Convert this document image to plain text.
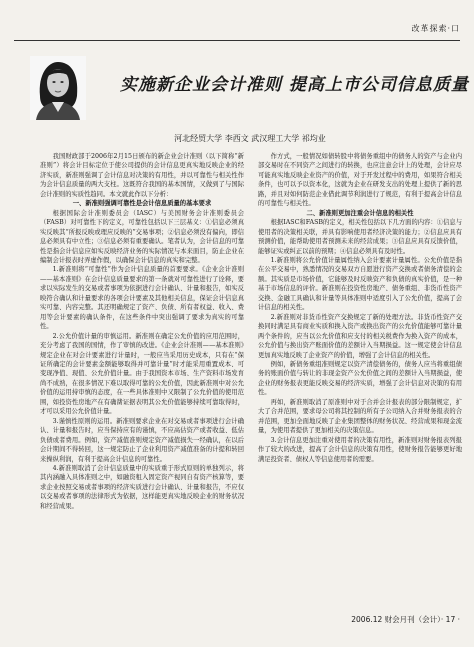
改革探索·口
实施新企业会计准则 提高上市公司信息质量
河北经贸大学 李西文 武汉理工大学 祁均业

我国财政部于2006年2月15日颁布的新企业会计准则（以下简称“新准则”）将会计目标定位于使公司提供的会计信息更真实地反映企业的经济实质，新准则强调了会计信息对决策的有用性，并以可靠性与相关性作为会计信息质量的两大支柱。这既符合我国的基本国情，又做到了与国际会计准则的实质性趋同。本文就此作以下分析：

一、新准则强调可靠性是会计信息质量的基本要求

根据国际会计准则委员会（IASC）与美国财务会计准则委员会（FASB）对可靠性下的定义，可靠性包括以下三层基义：①信息必须真实反映其“所报反映或理应反映的”交易事项；②信息必须没有偏向，即信息必须具有中立性；③信息必须有重要确认。笔者认为，会计信息的可靠性是指会计信息应如实反映经济业务的实际情况与本来面目，防止企业在编制会计报表时弄虚作假，以确保会计信息的真实和完整。

1.新准则将“可靠性”作为会计信息质量的首要要求。《企业会计准则——基本准则》在会计信息质量要求的第一条就对可靠性进行了诠释，要求以实际发生的交易或者事项为依据进行会计确认、计量和报告，如实反映符合确认和计量要求的各项会计要素及其他相关信息，保证会计信息真实可靠、内容完整。其还明确规定了资产、负债、所有者权益、收入、费用等会计要素的确认条件，在这些条件中突出强调了要求为真实的可靠性。

2.公允价值计量的审慎运用。新准则在确定公允价值的应用范围时，充分考虑了我国的国情，作了审慎的改进。《企业会计准则——基本准则》规定企业在对会计要素进行计量时，一般应当采用历史成本，只有在“保证所确定的会计要素金额能够取得并可靠计量”时才能采用重置成本、可变现净值、现值、公允价值计量。由于我国资本市场、生产资料市场发育尚不成熟，在很多情况下难以取得可靠的公允价值，因此新准则中对公允价值的运用持审慎的态度，在一些具体准则中又限制了公允价值的使用范围，如投资性房地产在有确凿证据表明其公允价值能够持续可靠取得时，才可以采用公允价值计量。

3.谨慎性原则的运用。新准则要求企业在对交易或者事项进行会计确认、计量和报告时，应当保持应有的谨慎，不应高估资产或者收益、低估负债或者费用。例如，资产减值准则规定资产减值损失一经确认，在以后会计期间不得转回，这一规定防止了企业利用资产减值准备的计提和转回来操纵利润，有利于提高会计信息的可靠性。

4.新准则取消了会计信息质量中的实质重于形式原则的单独列示，将其内涵融入具体准则之中，如融资租入固定资产视同自有资产核算等，要求企业按照交易或者事项的经济实质进行会计确认、计量和报告，不应仅以交易或者事项的法律形式为依据，这样能更真实地反映企业的财务状况和经营成果。

作方式，一般情况如债转股中将债务重组中的债务人的资产与企业内部交易时在不同资产之间进行的转换，也应注意会计上的处理，会计应尽可能真实地反映企业资产的价值，对于开发过程中的费用，如果符合相关条件，也可以予以资本化，这就为企业在研发支出的处理上提供了新的思路，并且对如何防范企业借此调节利润进行了规范，有利于提高会计信息的可靠性与相关性。

二、新准则更加注重会计信息的相关性

根据IASC和FASB的定义，相关性包括以下几方面的内容：①信息与使用者的决策相关联，并具有影响使用者经济决策的能力；②信息应具有预测价值，能帮助使用者预测未来的经营成果；③信息应具有反馈价值，能够证实或纠正以前的预期；④信息必须具有及时性。

1.新准则将公允价值计量属性纳入会计要素计量属性。公允价值是指在公平交易中，熟悉情况的交易双方自愿进行资产交换或者债务清偿的金额。其实质是市场价值，它能够及时反映资产和负债的真实价值，是一种基于市场信息的评价。新准则在投资性房地产、债务重组、非货币性资产交换、金融工具确认和计量等具体准则中适度引入了公允价值，提高了会计信息的相关性。

2.新准则对非货币性资产交换规定了新的处理方法。非货币性资产交换同时满足具有商业实质和换入资产或换出资产的公允价值能够可靠计量两个条件的，应当以公允价值和应支付的相关税费作为换入资产的成本，公允价值与换出资产账面价值的差额计入当期损益。这一规定使会计信息更加真实地反映了企业资产的价值，增强了会计信息的相关性。

例如，新债务重组准则规定以资产清偿债务的，债务人应当将重组债务的账面价值与转让的非现金资产公允价值之间的差额计入当期损益，使企业的财务报表更能反映交易的经济实质，增强了会计信息对决策的有用性。

再如，新准则取消了原准则中对于合并会计报表的部分限制规定，扩大了合并范围，要求母公司将其控制的所有子公司纳入合并财务报表的合并范围，更加全面地反映了企业集团整体的财务状况、经营成果和现金流量，为使用者提供了更加相关的决策信息。

3.会计信息更加注重对使用者的决策有用性，新准则对财务报表列报作了较大的改进，提高了会计信息的决策有用性，使财务报告能够更好地满足投资者、债权人等信息使用者的需要。

2006.12 财会月刊（会计）· 17 ·
